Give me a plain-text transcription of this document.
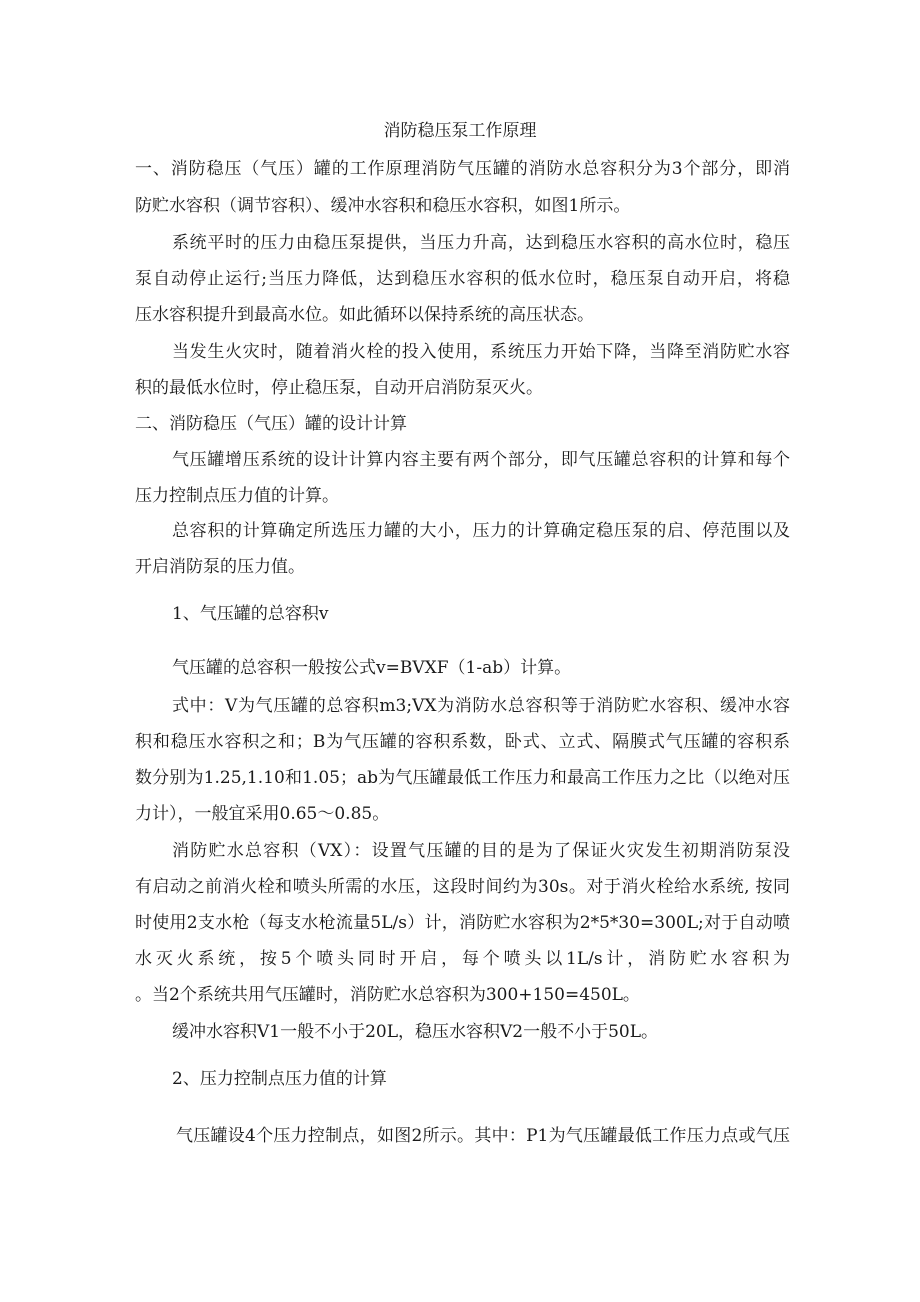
消防稳压泵工作原理
一、消防稳压（气压）罐的工作原理消防气压罐的消防水总容积分为3个部分，即消
防贮水容积（调节容积）、缓冲水容积和稳压水容积，如图1所示。
系统平时的压力由稳压泵提供，当压力升高，达到稳压水容积的高水位时，稳压
泵自动停止运行;当压力降低，达到稳压水容积的低水位时，稳压泵自动开启，将稳
压水容积提升到最高水位。如此循环以保持系统的高压状态。
当发生火灾时，随着消火栓的投入使用，系统压力开始下降，当降至消防贮水容
积的最低水位时，停止稳压泵，自动开启消防泵灭火。
二、消防稳压（气压）罐的设计计算
气压罐增压系统的设计计算内容主要有两个部分，即气压罐总容积的计算和每个
压力控制点压力值的计算。
总容积的计算确定所选压力罐的大小，压力的计算确定稳压泵的启、停范围以及
开启消防泵的压力值。
1、气压罐的总容积v
气压罐的总容积一般按公式v=BVXF（1-ab）计算。
式中：V为气压罐的总容积m3;VX为消防水总容积等于消防贮水容积、缓冲水容
积和稳压水容积之和；B为气压罐的容积系数，卧式、立式、隔膜式气压罐的容积系
数分别为1.25,1.10和1.05；ab为气压罐最低工作压力和最高工作压力之比（以绝对压
力计），一般宜采用0.65～0.85。
消防贮水总容积（VX）：设置气压罐的目的是为了保证火灾发生初期消防泵没
有启动之前消火栓和喷头所需的水压，这段时间约为30s。对于消火栓给水系统, 按同
时使用2支水枪（每支水枪流量5L/s）计，消防贮水容积为2*5*30=300L;对于自动喷
水灭火系统，按5个喷头同时开启，每个喷头以1L/s计，消防贮水容积为
。当2个系统共用气压罐时，消防贮水总容积为300+150=450L。
缓冲水容积V1一般不小于20L，稳压水容积V2一般不小于50L。
2、压力控制点压力值的计算
气压罐设4个压力控制点，如图2所示。其中：P1为气压罐最低工作压力点或气压
